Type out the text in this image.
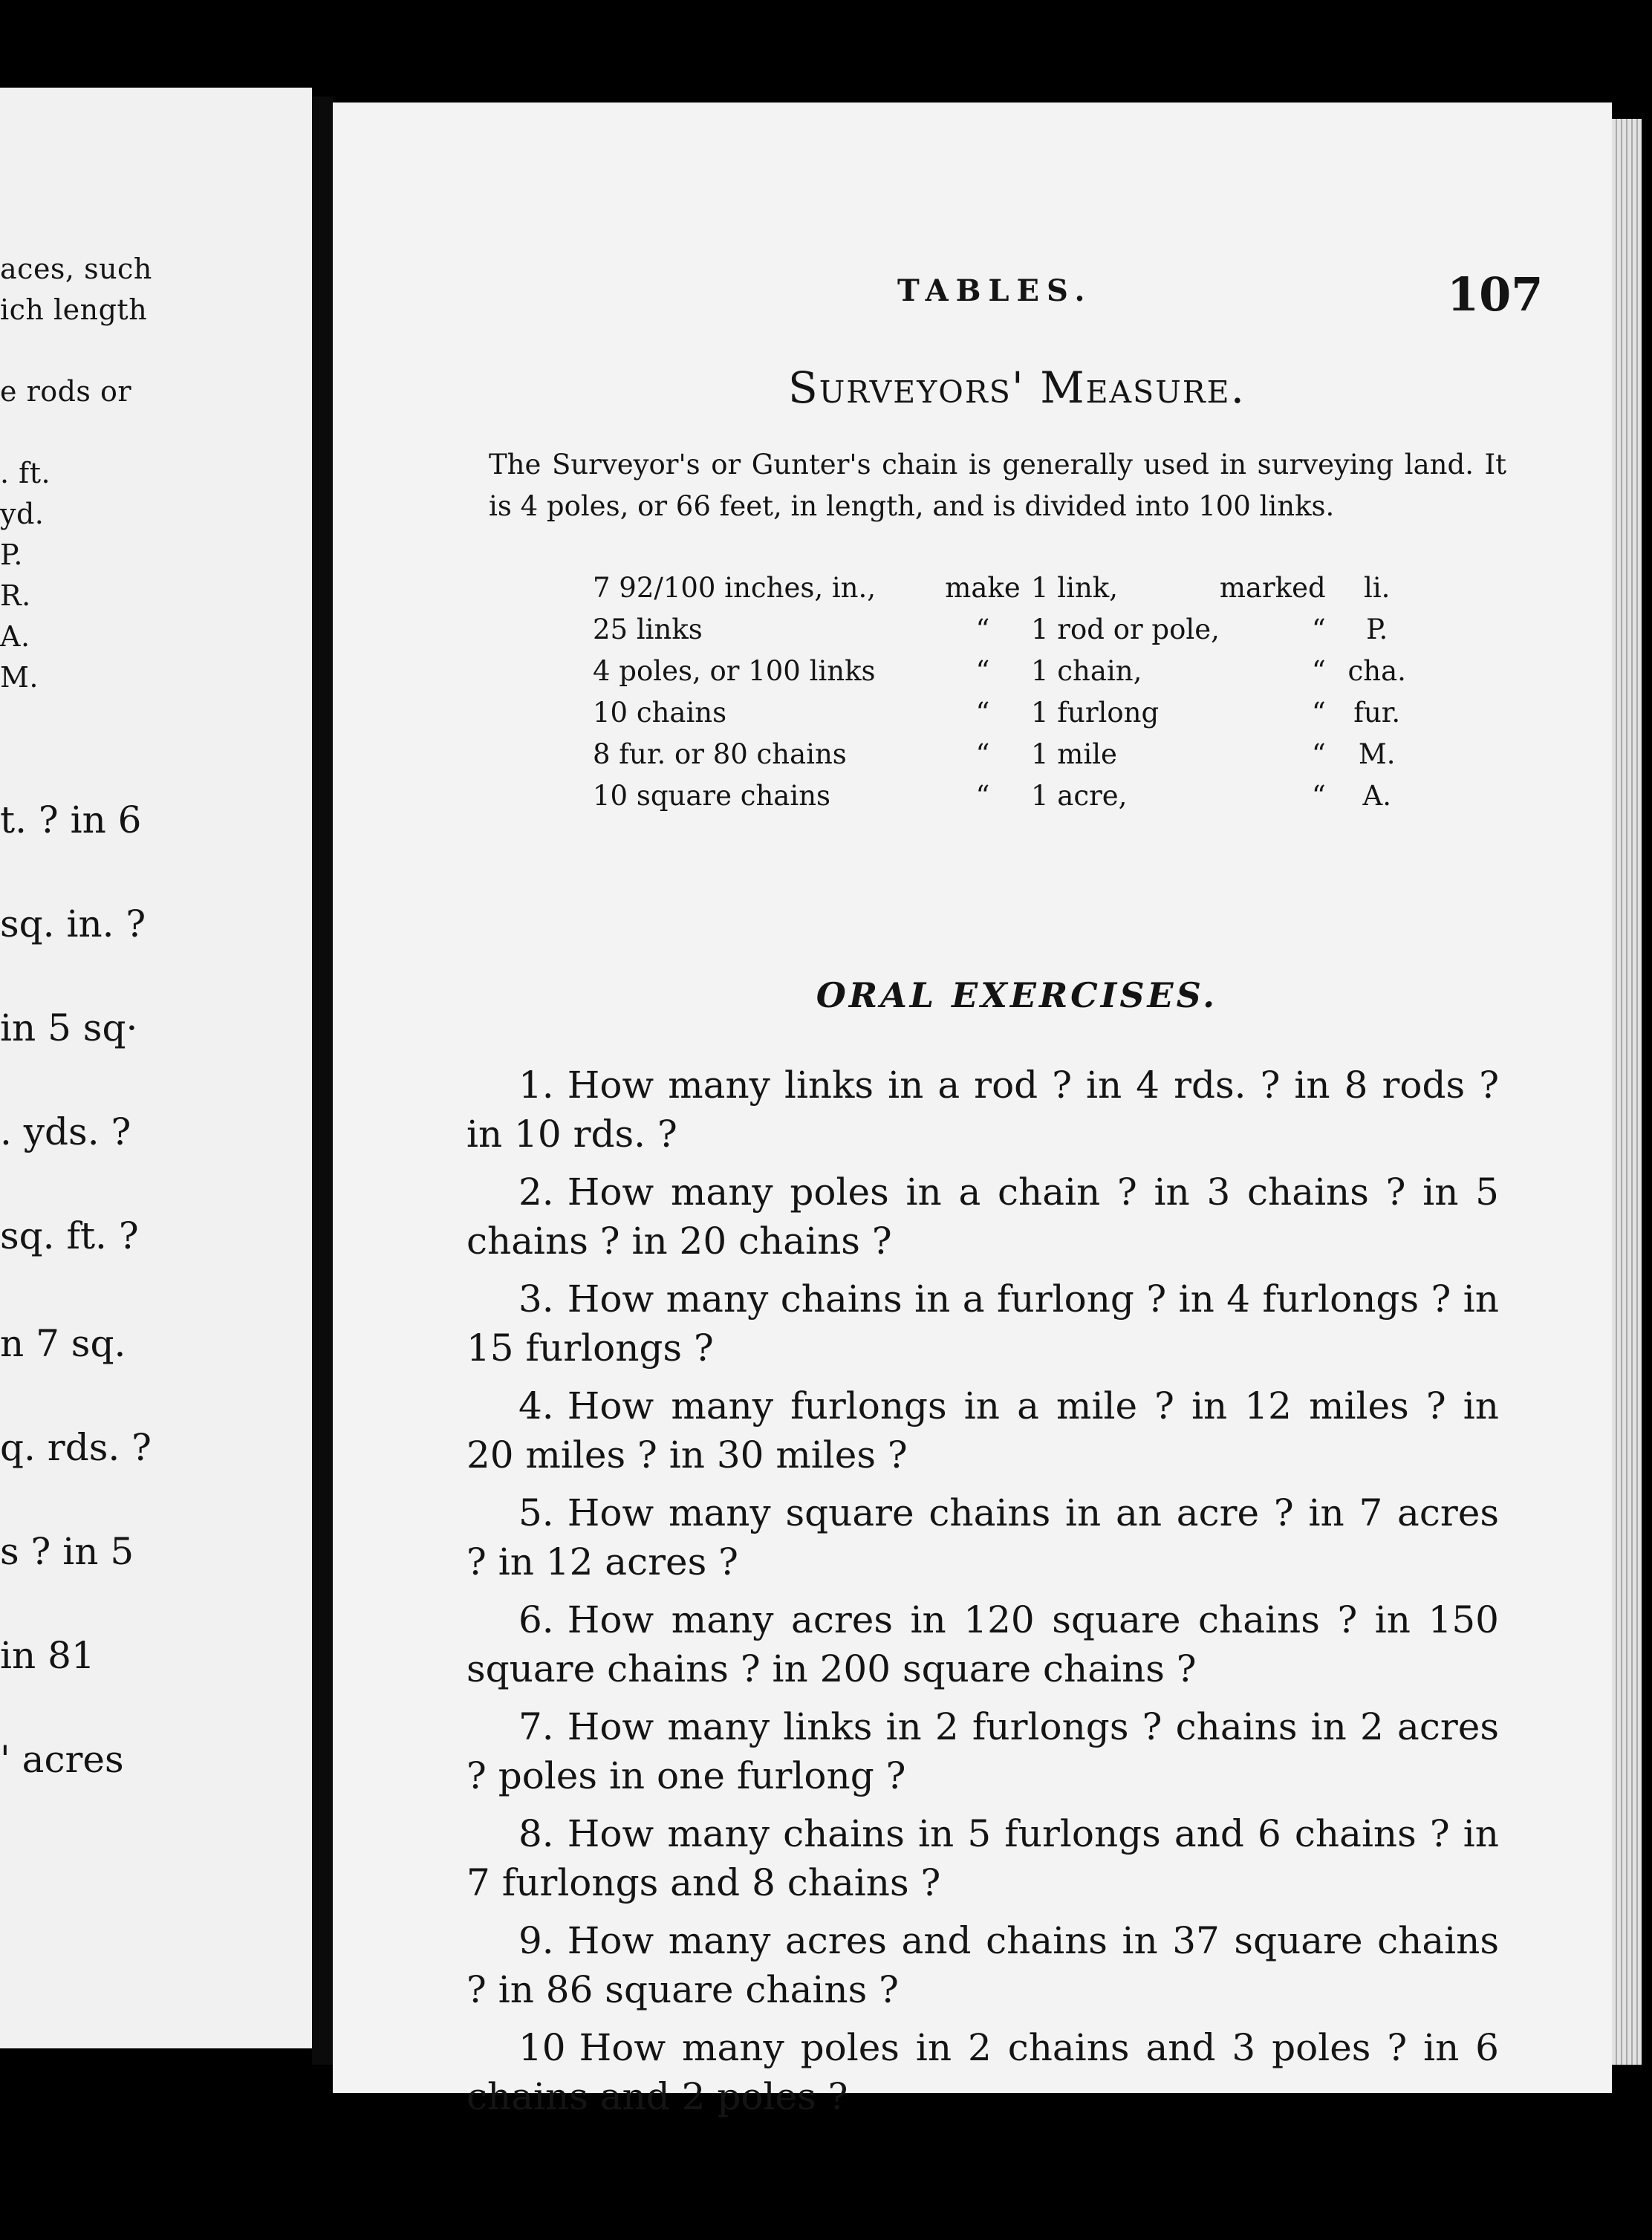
aces, such
ich length
e rods or
. ft.
yd.
P.
R.
A.
M.
t. ? in 6
sq. in. ?
in 5 sq·
. yds. ?
sq. ft. ?
n 7 sq.
q. rds. ?
s ? in 5
in 81
' acres
TABLES.	107
Surveyors' Measure.
The Surveyor's or Gunter's chain is generally used in surveying land. It is 4 poles, or 66 feet, in length, and is divided into 100 links.
7 92/100 inches, in.,	make	1 link,	marked	li.
25 links	“	1 rod or pole,	“	P.
4 poles, or 100 links	“	1 chain,	“	cha.
10 chains	“	1 furlong	“	fur.
8 fur. or 80 chains	“	1 mile	“	M.
10 square chains	“	1 acre,	“	A.
ORAL EXERCISES.
1. How many links in a rod ? in 4 rds. ? in 8 rods ? in 10 rds. ?
2. How many poles in a chain ? in 3 chains ? in 5 chains ? in 20 chains ?
3. How many chains in a furlong ? in 4 furlongs ? in 15 furlongs ?
4. How many furlongs in a mile ? in 12 miles ? in 20 miles ? in 30 miles ?
5. How many square chains in an acre ? in 7 acres ? in 12 acres ?
6. How many acres in 120 square chains ? in 150 square chains ? in 200 square chains ?
7. How many links in 2 furlongs ? chains in 2 acres ? poles in one furlong ?
8. How many chains in 5 furlongs and 6 chains ? in 7 furlongs and 8 chains ?
9. How many acres and chains in 37 square chains ? in 86 square chains ?
10 How many poles in 2 chains and 3 poles ? in 6 chains and 2 poles ?
